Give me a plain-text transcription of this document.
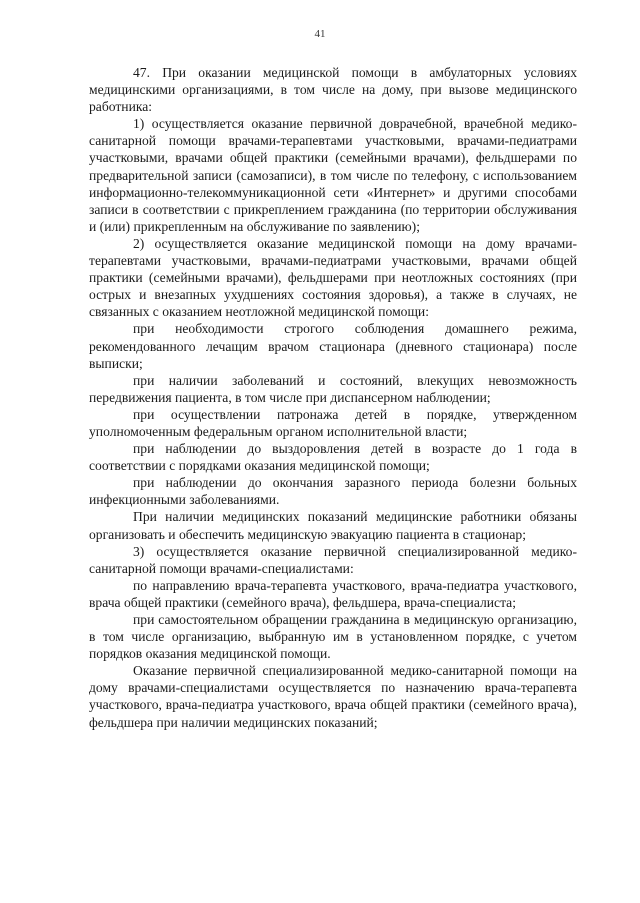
41

47. При оказании медицинской помощи в амбулаторных условиях медицинскими организациями, в том числе на дому, при вызове медицинского работника:

1) осуществляется оказание первичной доврачебной, врачебной медико-санитарной помощи врачами-терапевтами участковыми, врачами-педиатрами участковыми, врачами общей практики (семейными врачами), фельдшерами по предварительной записи (самозаписи), в том числе по телефону, с использованием информационно-телекоммуникационной сети «Интернет» и другими способами записи в соответствии с прикреплением гражданина (по территории обслуживания и (или) прикрепленным на обслуживание по заявлению);

2) осуществляется оказание медицинской помощи на дому врачами-терапевтами участковыми, врачами-педиатрами участковыми, врачами общей практики (семейными врачами), фельдшерами при неотложных состояниях (при острых и внезапных ухудшениях состояния здоровья), а также в случаях, не связанных с оказанием неотложной медицинской помощи:

при необходимости строгого соблюдения домашнего режима, рекомендованного лечащим врачом стационара (дневного стационара) после выписки;

при наличии заболеваний и состояний, влекущих невозможность передвижения пациента, в том числе при диспансерном наблюдении;

при осуществлении патронажа детей в порядке, утвержденном уполномоченным федеральным органом исполнительной власти;

при наблюдении до выздоровления детей в возрасте до 1 года в соответствии с порядками оказания медицинской помощи;

при наблюдении до окончания заразного периода болезни больных инфекционными заболеваниями.

При наличии медицинских показаний медицинские работники обязаны организовать и обеспечить медицинскую эвакуацию пациента в стационар;

3) осуществляется оказание первичной специализированной медико-санитарной помощи врачами-специалистами:

по направлению врача-терапевта участкового, врача-педиатра участкового, врача общей практики (семейного врача), фельдшера, врача-специалиста;

при самостоятельном обращении гражданина в медицинскую организацию, в том числе организацию, выбранную им в установленном порядке, с учетом порядков оказания медицинской помощи.

Оказание первичной специализированной медико-санитарной помощи на дому врачами-специалистами осуществляется по назначению врача-терапевта участкового, врача-педиатра участкового, врача общей практики (семейного врача), фельдшера при наличии медицинских показаний;
